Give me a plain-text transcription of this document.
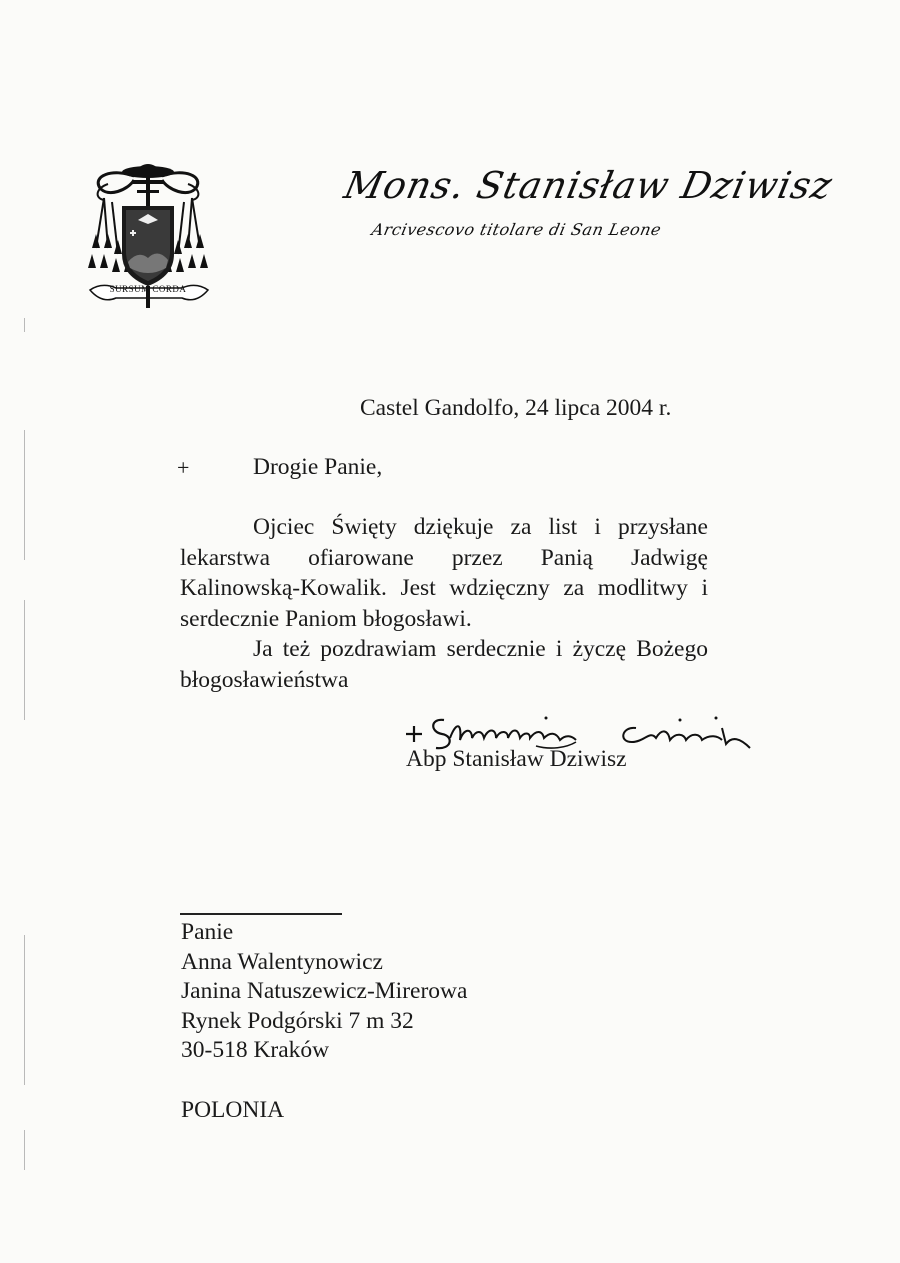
SURSUM CORDA
Mons. Stanisław Dziwisz
Arcivescovo titolare di San Leone
Castel Gandolfo, 24 lipca 2004 r.
+	Drogie Panie,
Ojciec Święty dziękuje za list i przysłane
lekarstwa ofiarowane przez Panią Jadwigę
Kalinowską-Kowalik. Jest wdzięczny za modlitwy i
serdecznie Paniom błogosławi.
Ja też pozdrawiam serdecznie i życzę Bożego
błogosławieństwa
Abp Stanisław Dziwisz
Panie
Anna Walentynowicz
Janina Natuszewicz-Mirerowa
Rynek Podgórski 7 m 32
30-518 Kraków
POLONIA
